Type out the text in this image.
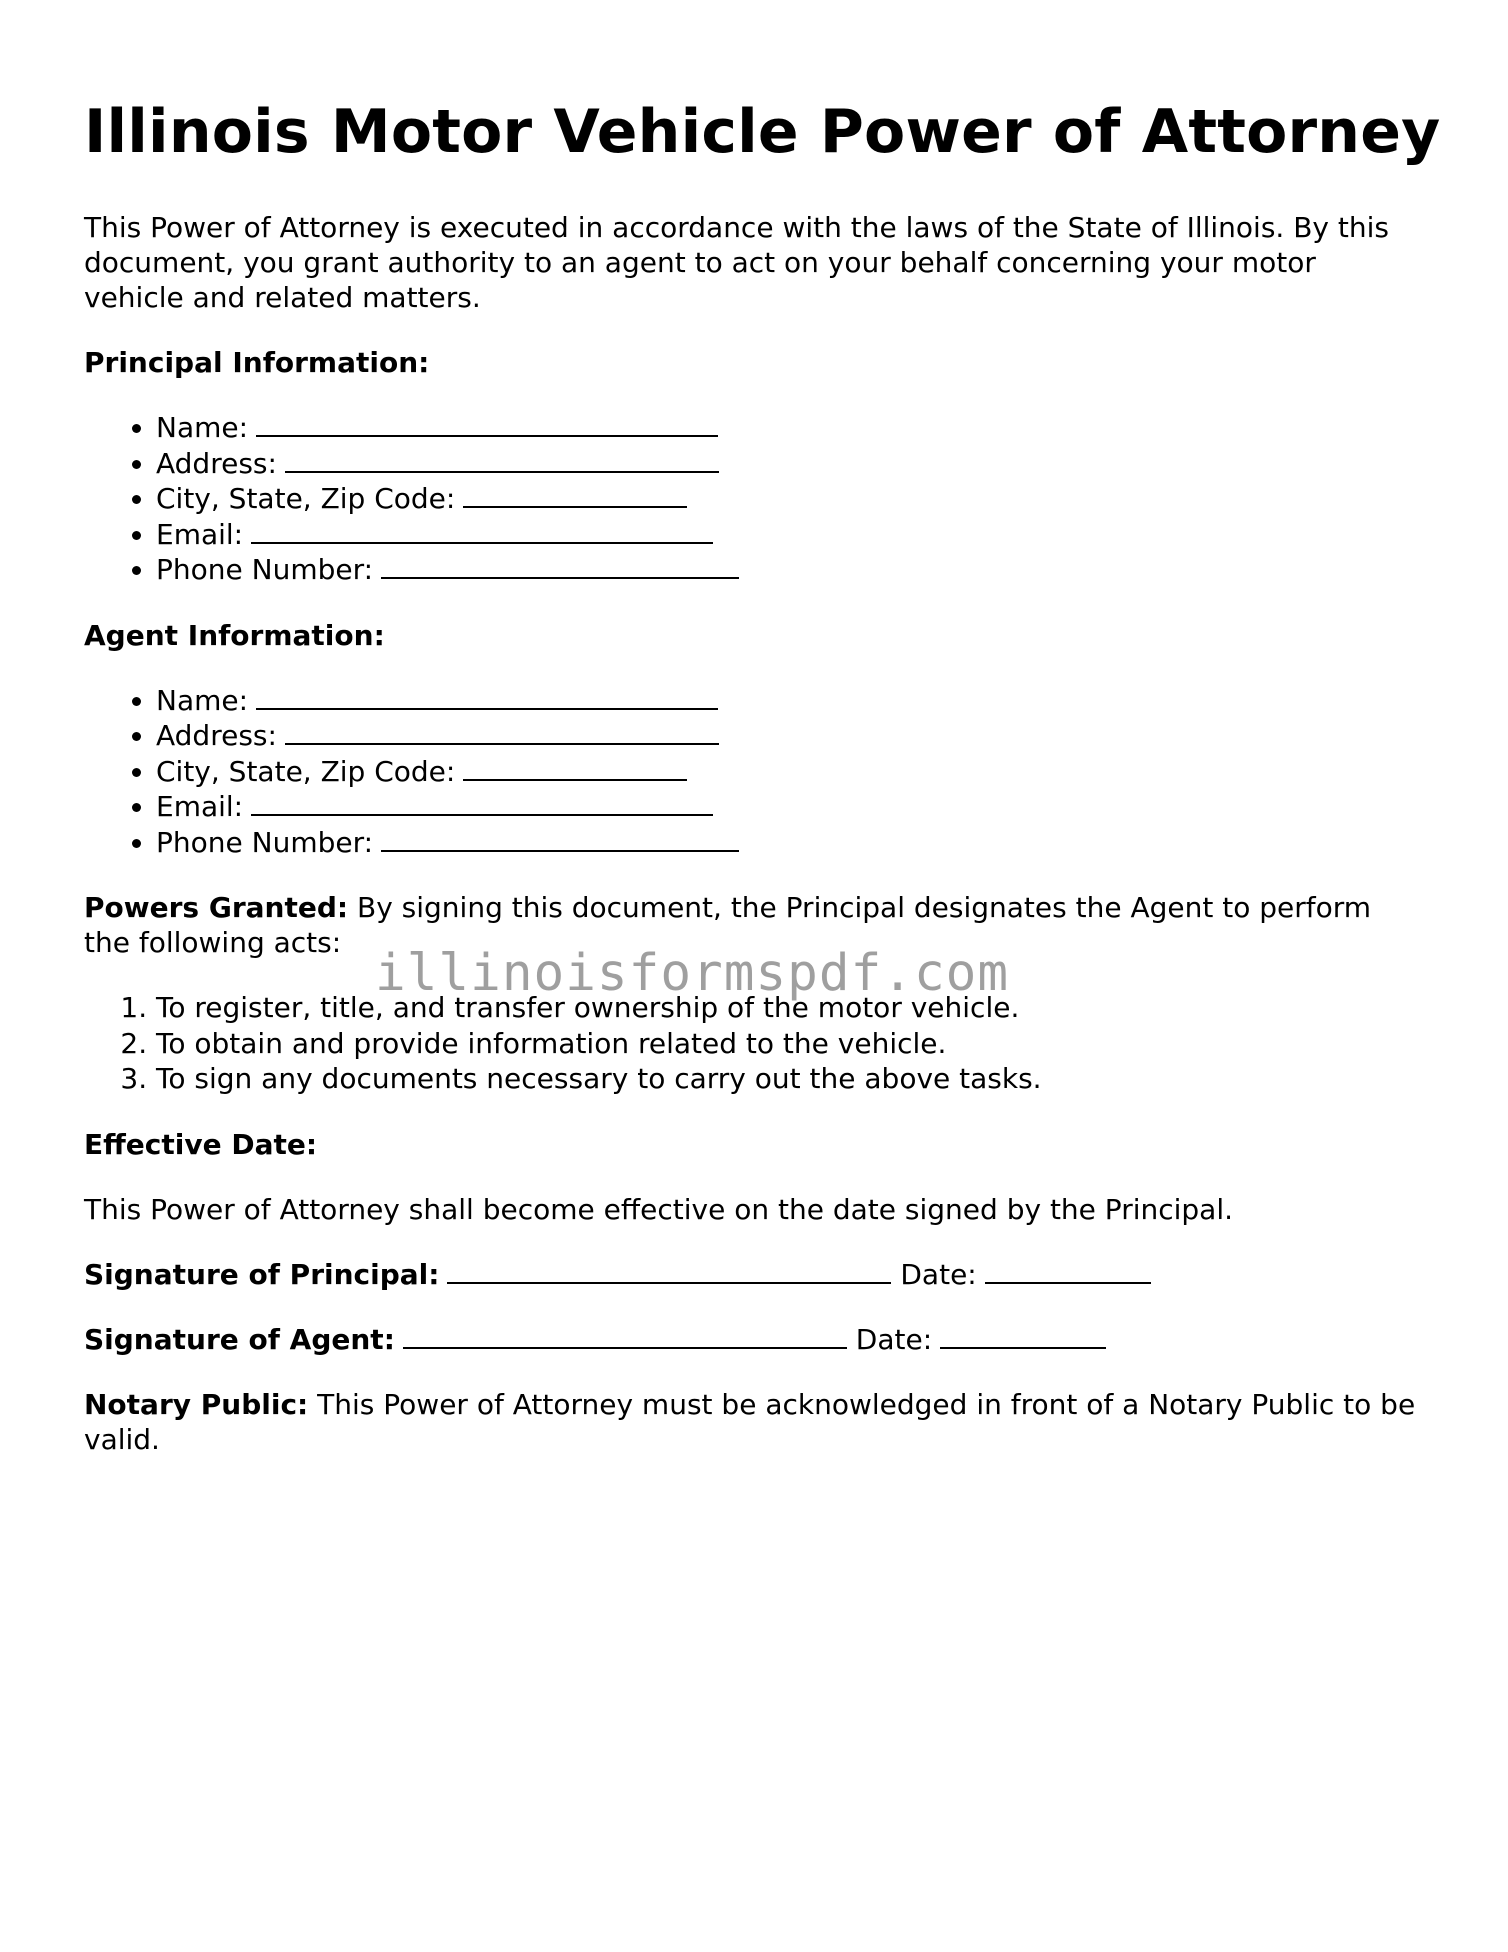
Illinois Motor Vehicle Power of Attorney

This Power of Attorney is executed in accordance with the laws of the State of Illinois. By this document, you grant authority to an agent to act on your behalf concerning your motor vehicle and related matters.

Principal Information:

• Name:
• Address:
• City, State, Zip Code:
• Email:
• Phone Number:

Agent Information:

• Name:
• Address:
• City, State, Zip Code:
• Email:
• Phone Number:

Powers Granted: By signing this document, the Principal designates the Agent to perform the following acts:

1. To register, title, and transfer ownership of the motor vehicle.
2. To obtain and provide information related to the vehicle.
3. To sign any documents necessary to carry out the above tasks.

Effective Date:

This Power of Attorney shall become effective on the date signed by the Principal.

Signature of Principal:	Date:

Signature of Agent:	Date:

Notary Public: This Power of Attorney must be acknowledged in front of a Notary Public to be valid.

illinoisformspdf.com
